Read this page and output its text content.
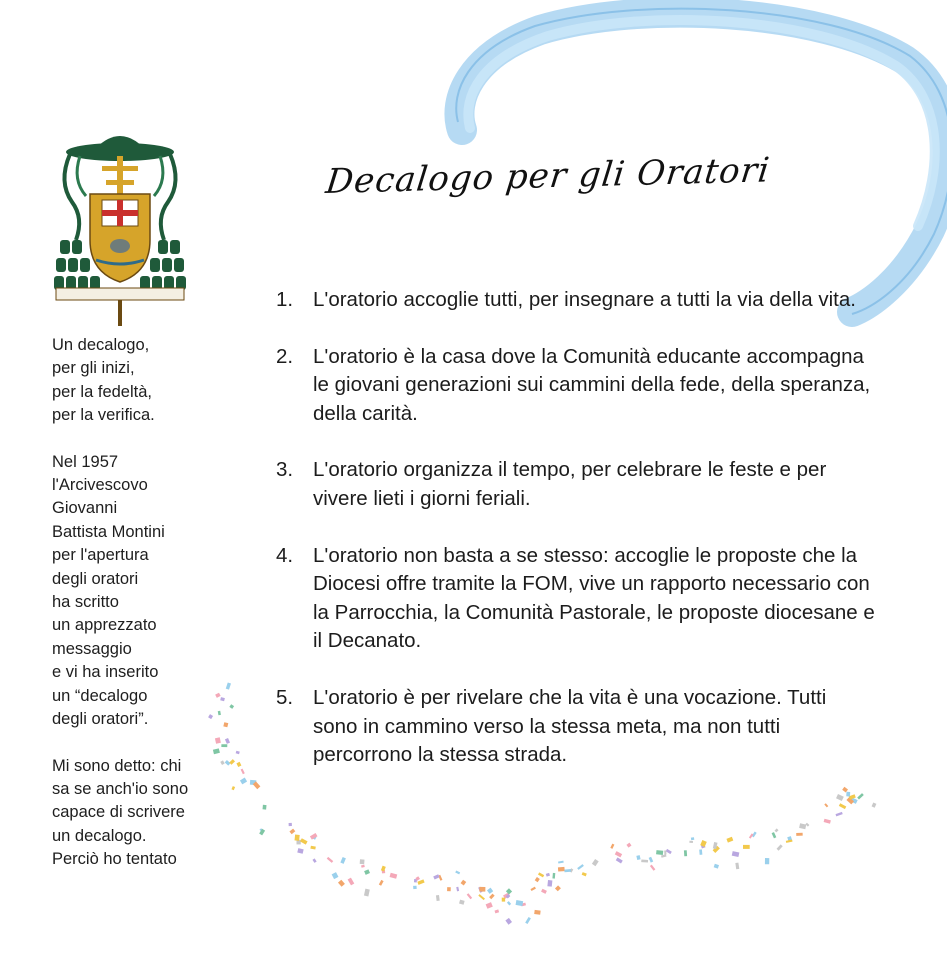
Un decalogo,
per gli inizi,
per la fedeltà,
per la verifica.

Nel 1957
l'Arcivescovo
Giovanni
Battista Montini
per l'apertura
degli oratori
ha scritto
un apprezzato
messaggio
e vi ha inserito
un “decalogo
degli oratori”.

Mi sono detto: chi
sa se anch'io sono
capace di scrivere
un decalogo.
Perciò ho tentato

Decalogo per gli Oratori
1. L'oratorio accoglie tutti, per insegnare a tutti la via della vita.
2. L'oratorio è la casa dove la Comunità educante accompagna le giovani generazioni sui cammini della fede, della speranza, della carità.
3. L'oratorio organizza il tempo, per celebrare le feste e per vivere lieti i giorni feriali.
4. L'oratorio non basta a se stesso: accoglie le proposte che la Diocesi offre tramite la FOM, vive un rapporto necessario con la Parrocchia, la Comunità Pastorale, le proposte diocesane e il Decanato.
5. L'oratorio è per rivelare che la vita è una vocazione. Tutti sono in cammino verso la stessa meta, ma non tutti percorrono la stessa strada.
